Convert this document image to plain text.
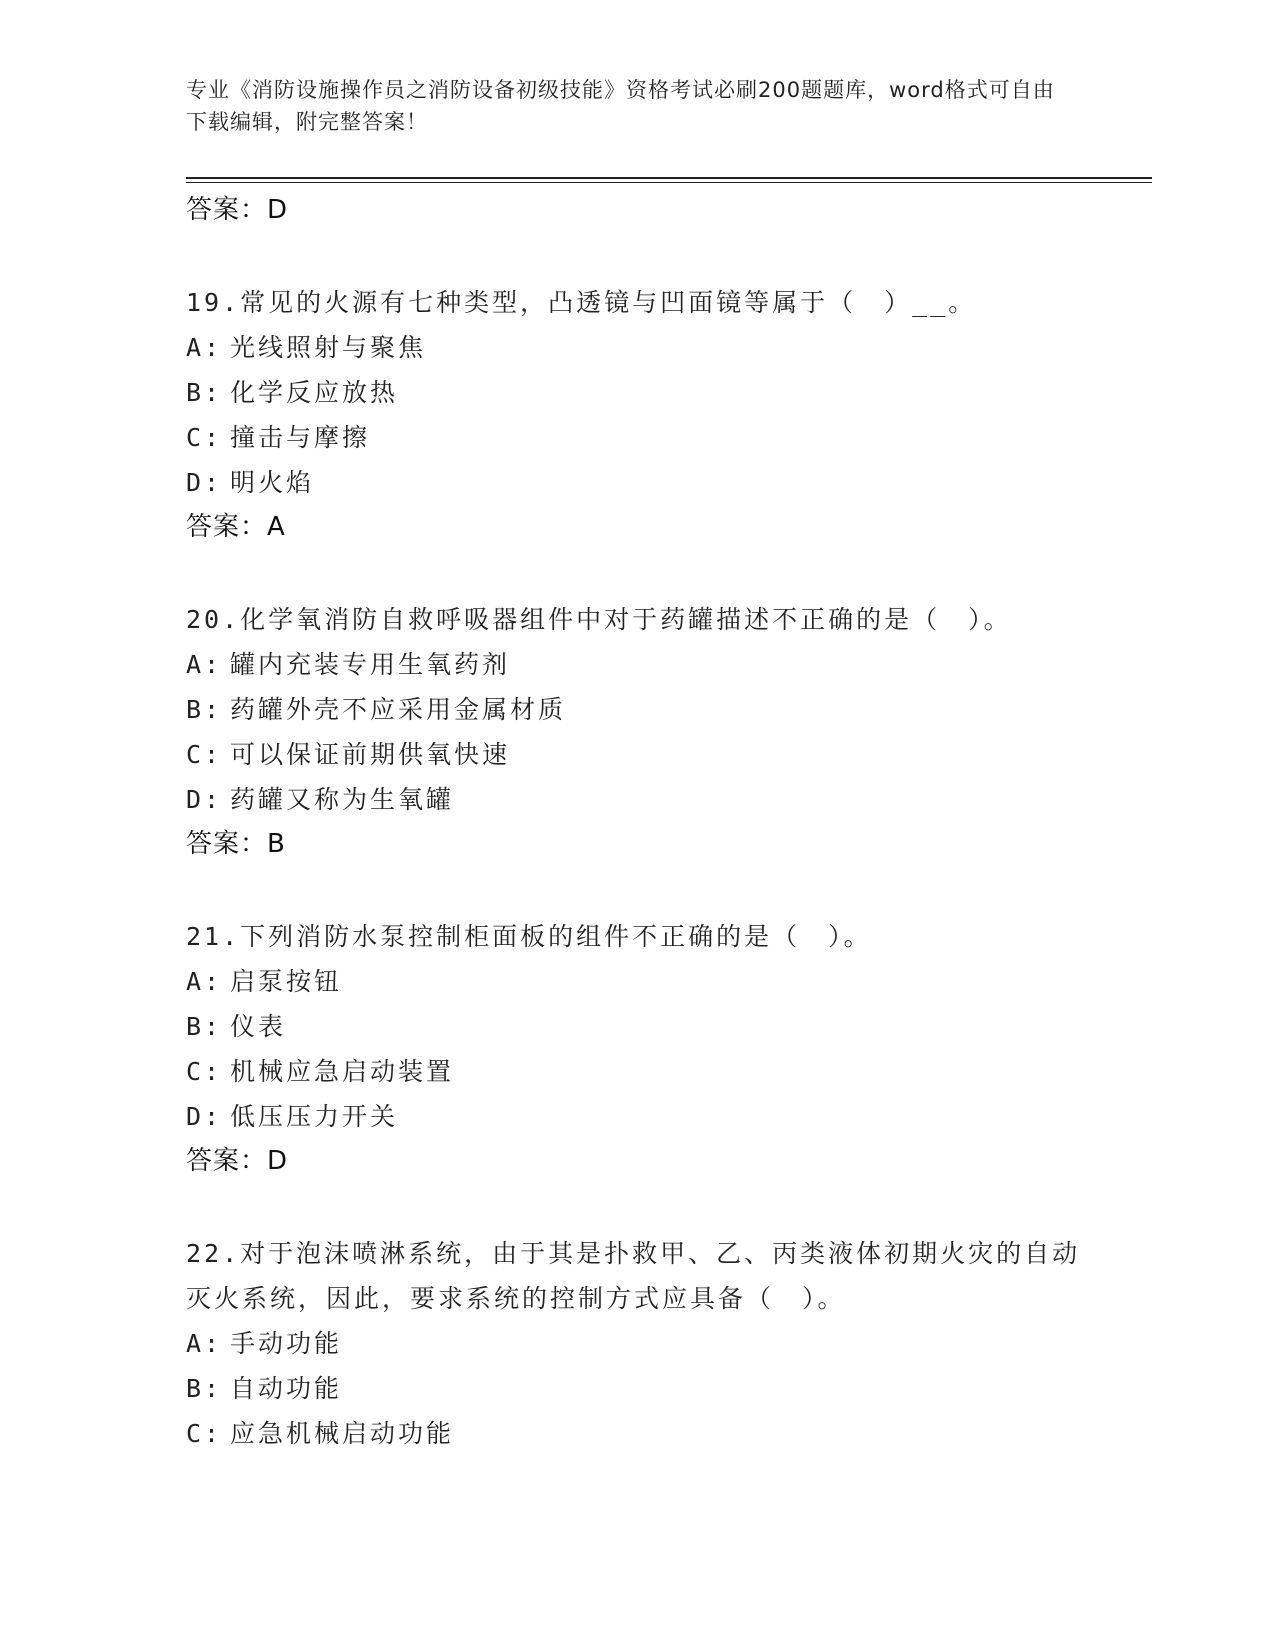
专业《消防设施操作员之消防设备初级技能》资格考试必刷200题题库，word格式可自由下载编辑，附完整答案！
答案：D
19.常见的火源有七种类型，凸透镜与凹面镜等属于（　）__。
A: 光线照射与聚焦
B: 化学反应放热
C: 撞击与摩擦
D: 明火焰
答案：A
20.化学氧消防自救呼吸器组件中对于药罐描述不正确的是（　）。
A: 罐内充装专用生氧药剂
B: 药罐外壳不应采用金属材质
C: 可以保证前期供氧快速
D: 药罐又称为生氧罐
答案：B
21.下列消防水泵控制柜面板的组件不正确的是（　）。
A: 启泵按钮
B: 仪表
C: 机械应急启动装置
D: 低压压力开关
答案：D
22.对于泡沫喷淋系统，由于其是扑救甲、乙、丙类液体初期火灾的自动灭火系统，因此，要求系统的控制方式应具备（　）。
A: 手动功能
B: 自动功能
C: 应急机械启动功能
